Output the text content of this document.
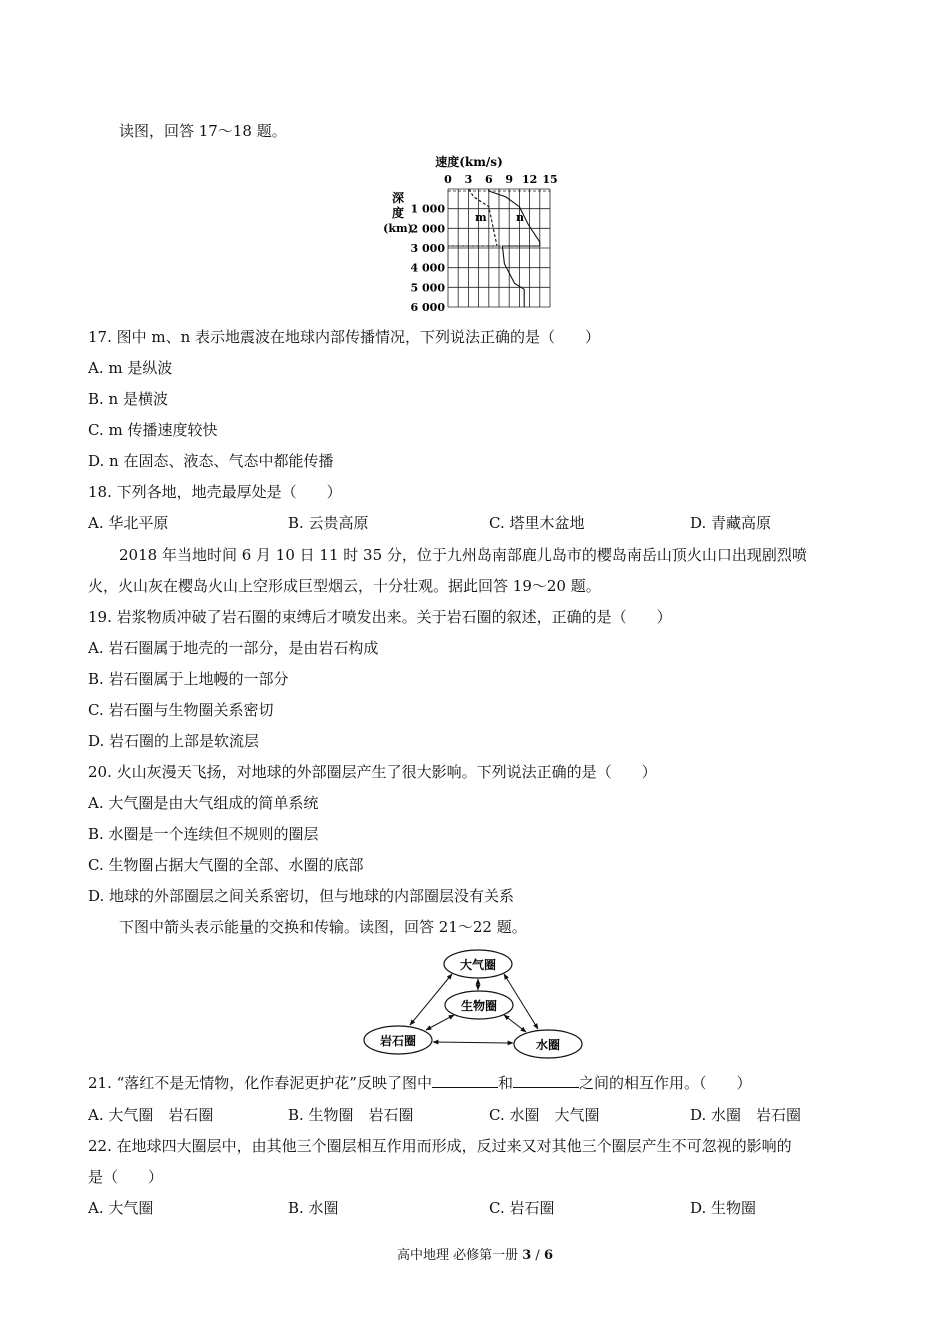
读图，回答 17～18 题。
速度(km/s)
0 3 6 9 12 15
深
度
(km)
1 000
2 000
3 000
4 000
5 000
6 000
m	n
17. 图中 m、n 表示地震波在地球内部传播情况，下列说法正确的是（　　）
A. m 是纵波
B. n 是横波
C. m 传播速度较快
D. n 在固态、液态、气态中都能传播
18. 下列各地，地壳最厚处是（　　）
A. 华北平原	B. 云贵高原	C. 塔里木盆地	D. 青藏高原
2018 年当地时间 6 月 10 日 11 时 35 分，位于九州岛南部鹿儿岛市的樱岛南岳山顶火山口出现剧烈喷
火，火山灰在樱岛火山上空形成巨型烟云，十分壮观。据此回答 19～20 题。
19. 岩浆物质冲破了岩石圈的束缚后才喷发出来。关于岩石圈的叙述，正确的是（　　）
A. 岩石圈属于地壳的一部分，是由岩石构成
B. 岩石圈属于上地幔的一部分
C. 岩石圈与生物圈关系密切
D. 岩石圈的上部是软流层
20. 火山灰漫天飞扬，对地球的外部圈层产生了很大影响。下列说法正确的是（　　）
A. 大气圈是由大气组成的简单系统
B. 水圈是一个连续但不规则的圈层
C. 生物圈占据大气圈的全部、水圈的底部
D. 地球的外部圈层之间关系密切，但与地球的内部圈层没有关系
下图中箭头表示能量的交换和传输。读图，回答 21～22 题。
大气圈
生物圈
岩石圈	水圈
21. “落红不是无情物，化作春泥更护花”反映了图中	和	之间的相互作用。（　　）
A. 大气圈　岩石圈	B. 生物圈　岩石圈	C. 水圈　大气圈	D. 水圈　岩石圈
22. 在地球四大圈层中，由其他三个圈层相互作用而形成，反过来又对其他三个圈层产生不可忽视的影响的
是（　　）
A. 大气圈	B. 水圈	C. 岩石圈	D. 生物圈
高中地理 必修第一册 3 / 6
